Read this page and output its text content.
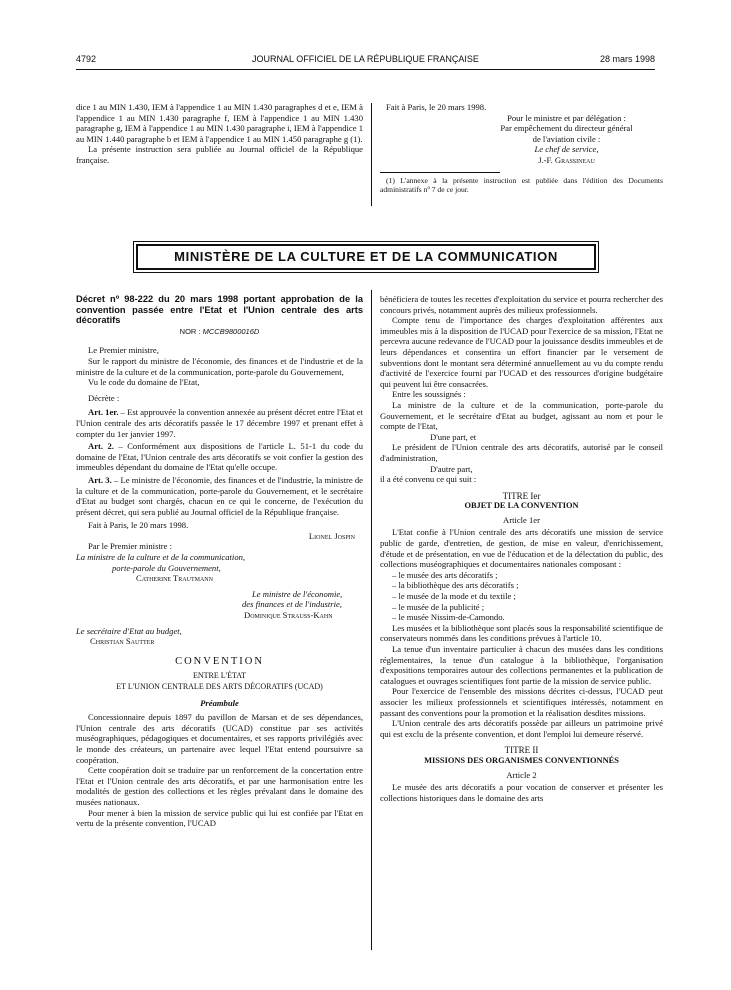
4792	JOURNAL OFFICIEL DE LA RÉPUBLIQUE FRANÇAISE	28 mars 1998

dice 1 au MIN 1.430, IEM à l'appendice 1 au MIN 1.430 paragraphes d et e, IEM à l'appendice 1 au MIN 1.430 paragraphe f, IEM à l'appendice 1 au MIN 1.430 paragraphe g, IEM à l'appendice 1 au MIN 1.430 paragraphe i, IEM à l'appendice 1 au MIN 1.440 paragraphe b et IEM à l'appendice 1 au MIN 1.450 paragraphe g (1).

La présente instruction sera publiée au Journal officiel de la République française.

Fait à Paris, le 20 mars 1998.

Pour le ministre et par délégation :
Par empêchement du directeur général
de l'aviation civile :
Le chef de service,
J.-F. Grassineau

(1) L'annexe à la présente instruction est publiée dans l'édition des Documents administratifs nº 7 de ce jour.

MINISTÈRE DE LA CULTURE ET DE LA COMMUNICATION
Décret nº 98-222 du 20 mars 1998 portant approbation de la convention passée entre l'Etat et l'Union centrale des arts décoratifs
NOR : MCCB9800016D

Le Premier ministre,

Sur le rapport du ministre de l'économie, des finances et de l'industrie et de la ministre de la culture et de la communication, porte-parole du Gouvernement,

Vu le code du domaine de l'Etat,

Décrète :

Art. 1er. – Est approuvée la convention annexée au présent décret entre l'Etat et l'Union centrale des arts décoratifs passée le 17 décembre 1997 et prenant effet à compter du 1er janvier 1997.

Art. 2. – Conformément aux dispositions de l'article L. 51-1 du code du domaine de l'Etat, l'Union centrale des arts décoratifs se voit confier la gestion des immeubles dépendant du domaine de l'Etat qu'elle occupe.

Art. 3. – Le ministre de l'économie, des finances et de l'industrie, la ministre de la culture et de la communication, porte-parole du Gouvernement, et le secrétaire d'Etat au budget sont chargés, chacun en ce qui le concerne, de l'exécution du présent décret, qui sera publié au Journal officiel de la République française.

Fait à Paris, le 20 mars 1998.

Lionel Jospin

Par le Premier ministre :

La ministre de la culture et de la communication,
porte-parole du Gouvernement,
Catherine Trautmann
Le ministre de l'économie,
des finances et de l'industrie,
Dominique Strauss-Kahn
Le secrétaire d'Etat au budget,
Christian Sautter
CONVENTION
ENTRE L'ÉTAT
ET L'UNION CENTRALE DES ARTS DÉCORATIFS (UCAD)
Préambule

Concessionnaire depuis 1897 du pavillon de Marsan et de ses dépendances, l'Union centrale des arts décoratifs (UCAD) constitue par ses activités muséographiques, pédagogiques et documentaires, et ses rapports privilégiés avec le monde des créateurs, un partenaire avec lequel l'Etat entend poursuivre sa coopération.

Cette coopération doit se traduire par un renforcement de la concertation entre l'Etat et l'Union centrale des arts décoratifs, et par une harmonisation entre les modalités de gestion des collections et les règles prévalant dans le domaine des musées nationaux.

Pour mener à bien la mission de service public qui lui est confiée par l'Etat en vertu de la présente convention, l'UCAD

bénéficiera de toutes les recettes d'exploitation du service et pourra rechercher des concours privés, notamment auprès des milieux professionnels.

Compte tenu de l'importance des charges d'exploitation afférentes aux immeubles mis à la disposition de l'UCAD pour l'exercice de sa mission, l'Etat ne percevra aucune redevance de l'UCAD pour la jouissance desdits immeubles et de leurs dépendances et consentira un effort financier par le versement de subventions dont le montant sera déterminé annuellement au vu du compte rendu d'activité de l'exercice fourni par l'UCAD et des ressources d'origine budgétaire qui peuvent lui être consacrées.

Entre les soussignés :

La ministre de la culture et de la communication, porte-parole du Gouvernement, et le secrétaire d'Etat au budget, agissant au nom et pour le compte de l'Etat,

D'une part, et

Le président de l'Union centrale des arts décoratifs, autorisé par le conseil d'administration,

D'autre part,

il a été convenu ce qui suit :

TITRE Ier
OBJET DE LA CONVENTION
Article 1er

L'Etat confie à l'Union centrale des arts décoratifs une mission de service public de garde, d'entretien, de gestion, de mise en valeur, d'enrichissement, d'étude et de présentation, en vue de l'éducation et de la délectation du public, des collections muséographiques et documentaires nationales composant :

– le musée des arts décoratifs ;
– la bibliothèque des arts décoratifs ;
– le musée de la mode et du textile ;
– le musée de la publicité ;
– le musée Nissim-de-Camondo.

Les musées et la bibliothèque sont placés sous la responsabilité scientifique de conservateurs nommés dans les conditions prévues à l'article 10.

La tenue d'un inventaire particulier à chacun des musées dans les conditions réglementaires, la tenue d'un catalogue à la bibliothèque, l'organisation d'expositions temporaires autour des collections permanentes et la publication de catalogues et ouvrages scientifiques font partie de la mission de service public.

Pour l'exercice de l'ensemble des missions décrites ci-dessus, l'UCAD peut associer les milieux professionnels et scientifiques intéressés, notamment en passant des conventions pour la promotion et la réalisation desdites missions.

L'Union centrale des arts décoratifs possède par ailleurs un patrimoine privé qui est exclu de la présente convention, et dont l'emploi lui demeure réservé.

TITRE II
MISSIONS DES ORGANISMES CONVENTIONNÉS
Article 2

Le musée des arts décoratifs a pour vocation de conserver et présenter les collections historiques dans le domaine des arts
